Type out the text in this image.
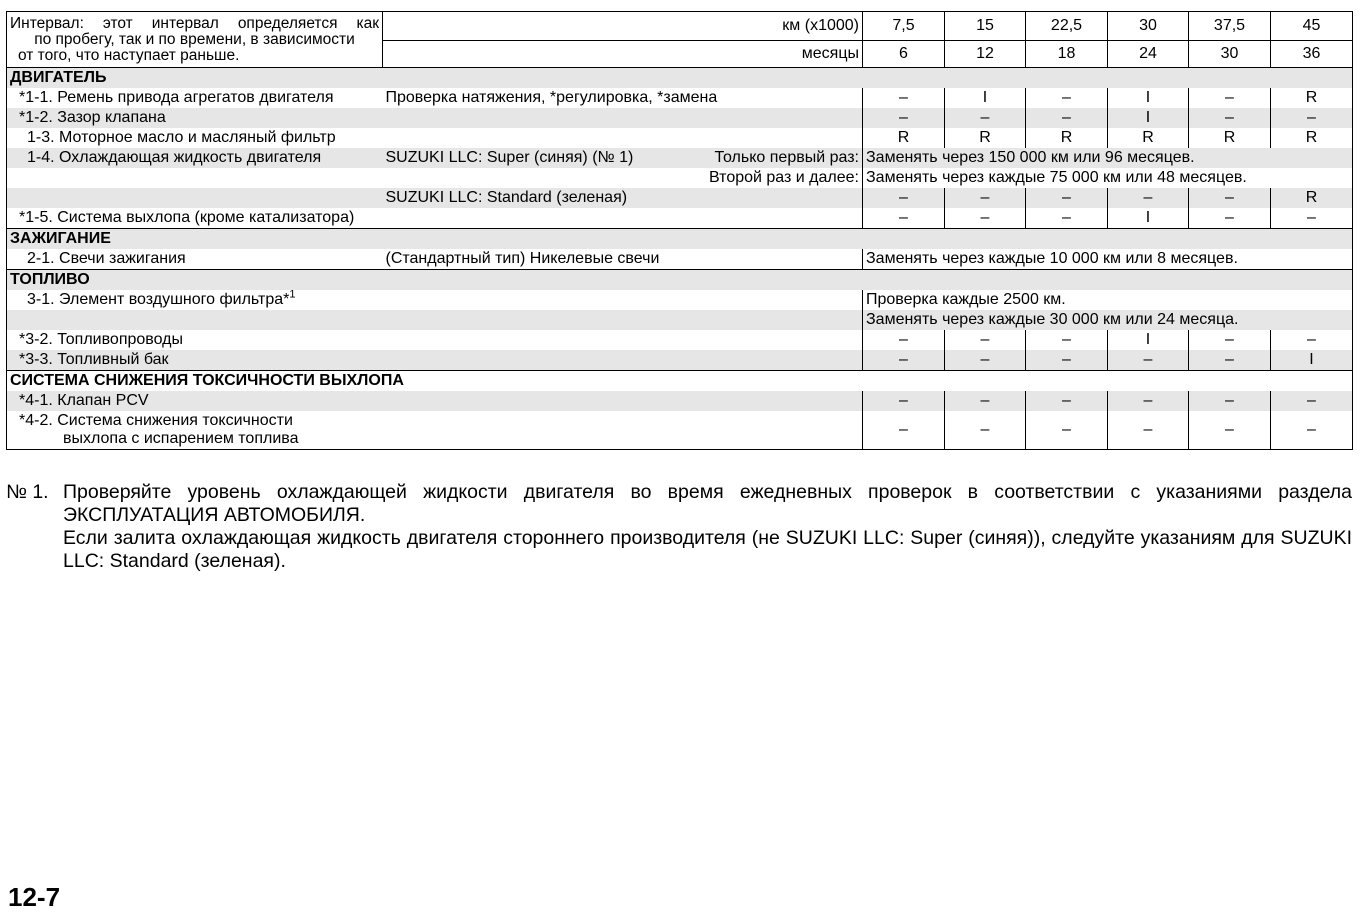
Интервал: этот интервал определяется как
по пробегу, так и по времени, в зависимости
от того, что наступает раньше.	км (x1000)	7,5	15	22,5	30	37,5	45
	месяцы	6	12	18	24	30	36
ДВИГАТЕЛЬ							
*1-1. Ремень привода агрегатов двигателя	Проверка натяжения, *регулировка, *замена	–	I	–	I	–	R
*1-2. Зазор клапана		–	–	–	I	–	–
1-3. Моторное масло и масляный фильтр		R	R	R	R	R	R
1-4. Охлаждающая жидкость двигателя	SUZUKI LLC: Super (синяя) (№ 1) Только первый раз:	Заменять через 150 000 км или 96 месяцев.					
	Второй раз и далее:	Заменять через каждые 75 000 км или 48 месяцев.					
	SUZUKI LLC: Standard (зеленая)	–	–	–	–	–	R
*1-5. Система выхлопа (кроме катализатора)		–	–	–	I	–	–
ЗАЖИГАНИЕ							
2-1. Свечи зажигания	(Стандартный тип) Никелевые свечи	Заменять через каждые 10 000 км или 8 месяцев.					
ТОПЛИВО							
3-1. Элемент воздушного фильтра*$^1$		Проверка каждые 2500 км.					
		Заменять через каждые 30 000 км или 24 месяца.					
*3-2. Топливопроводы		–	–	–	I	–	–
*3-3. Топливный бак		–	–	–	–	–	I
СИСТЕМА СНИЖЕНИЯ ТОКСИЧНОСТИ ВЫХЛОПА							
*4-1. Клапан PCV		–	–	–	–	–	–

*4-2. Система снижения токсичности
выхлопа с испарением топлива		–	–	–	–	–	–
№ 1. Проверяйте уровень охлаждающей жидкости двигателя во время ежедневных проверок в соответствии с указаниями раздела ЭКСПЛУАТАЦИЯ АВТОМОБИЛЯ.
Если залита охлаждающая жидкость двигателя стороннего производителя (не SUZUKI LLC: Super (синяя)), следуйте указаниям для SUZUKI LLC: Standard (зеленая).
12-7
